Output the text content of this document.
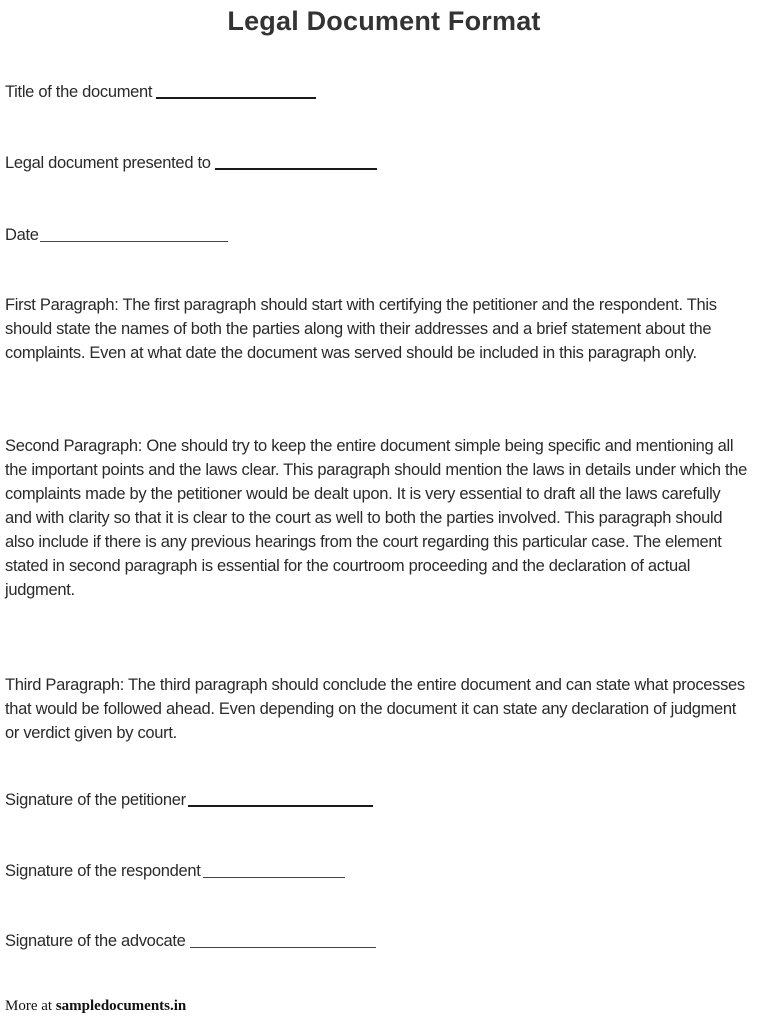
Legal Document Format
Title of the document
Legal document presented to
Date

First Paragraph: The first paragraph should start with certifying the petitioner and the respondent. This should state the names of both the parties along with their addresses and a brief statement about the complaints. Even at what date the document was served should be included in this paragraph only.

Second Paragraph: One should try to keep the entire document simple being specific and mentioning all the important points and the laws clear. This paragraph should mention the laws in details under which the complaints made by the petitioner would be dealt upon. It is very essential to draft all the laws carefully and with clarity so that it is clear to the court as well to both the parties involved. This paragraph should also include if there is any previous hearings from the court regarding this particular case. The element stated in second paragraph is essential for the courtroom proceeding and the declaration of actual judgment.

Third Paragraph: The third paragraph should conclude the entire document and can state what processes that would be followed ahead. Even depending on the document it can state any declaration of judgment or verdict given by court.

Signature of the petitioner
Signature of the respondent
Signature of the advocate
More at sampledocuments.in
